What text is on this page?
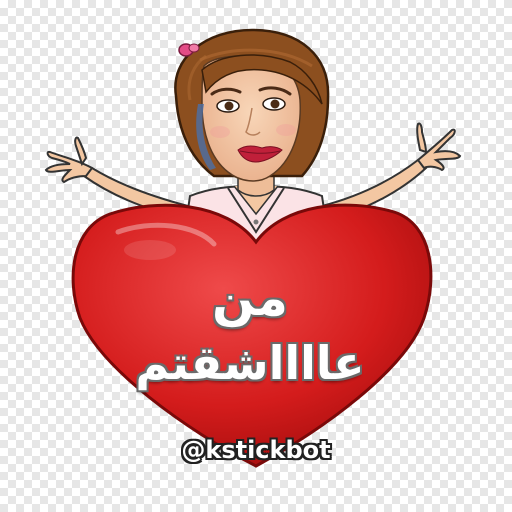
من
عااااشقتم
@kstickbot
